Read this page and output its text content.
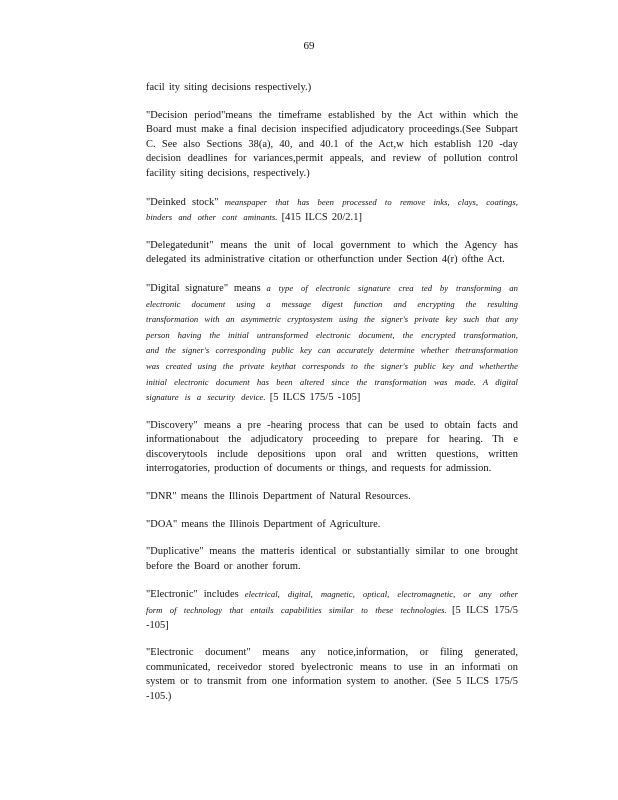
69

facil ity siting decisions respectively.)

"Decision period"means the timeframe established by the Act within which the Board must make a final decision inspecified adjudicatory proceedings.(See Subpart C. See also Sections 38(a), 40, and 40.1 of the Act,w hich establish 120 -day decision deadlines for variances,permit appeals, and review of pollution control facility siting decisions, respectively.)

"Deinked stock" meanspaper that has been processed to remove inks, clays, coatings, binders and other cont aminants. [415 ILCS 20/2.1]

"Delegatedunit" means the unit of local government to which the Agency has delegated its administrative citation or otherfunction under Section 4(r) ofthe Act.

"Digital signature" means a type of electronic signature crea ted by transforming an electronic document using a message digest function and encrypting the resulting transformation with an asymmetric cryptosystem using the signer's private key such that any person having the initial untransformed electronic document, the encrypted transformation, and the signer's corresponding public key can accurately determine whether thetransformation was created using the private keythat corresponds to the signer's public key and whetherthe initial electronic document has been altered since the transformation was made. A digital signature is a security device. [5 ILCS 175/5 -105]

"Discovery" means a pre -hearing process that can be used to obtain facts and informationabout the adjudicatory proceeding to prepare for hearing. Th e discoverytools include depositions upon oral and written questions, written interrogatories, production of documents or things, and requests for admission.

"DNR" means the Illinois Department of Natural Resources.

"DOA" means the Illinois Department of Agriculture.

"Duplicative" means the matteris identical or substantially similar to one brought before the Board or another forum.

"Electronic" includes electrical, digital, magnetic, optical, electromagnetic, or any other form of technology that entails capabilities similar to these technologies. [5 ILCS 175/5 -105]

"Electronic document" means any notice,information, or filing generated, communicated, receivedor stored byelectronic means to use in an informati on system or to transmit from one information system to another. (See 5 ILCS 175/5 -105.)
